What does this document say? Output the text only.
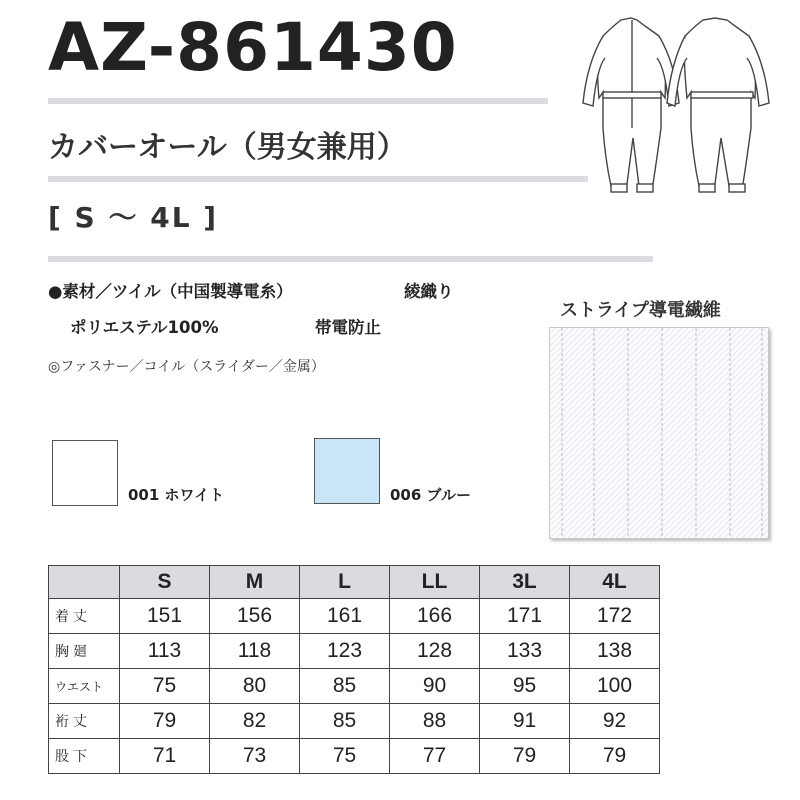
AZ-861430
カバーオール（男女兼用）
[ S ～ 4L ]
●素材／ツイル（中国製導電糸）	綾織り
ポリエステル100%	帯電防止
◎ファスナー／コイル（スライダー／金属）
001 ホワイト	006 ブルー
ストライプ導電繊維
	S	M	L	LL	3L	4L
着丈	151	156	161	166	171	172
胸廻	113	118	123	128	133	138
ウエスト	75	80	85	90	95	100
裄丈	79	82	85	88	91	92
股下	71	73	75	77	79	79
